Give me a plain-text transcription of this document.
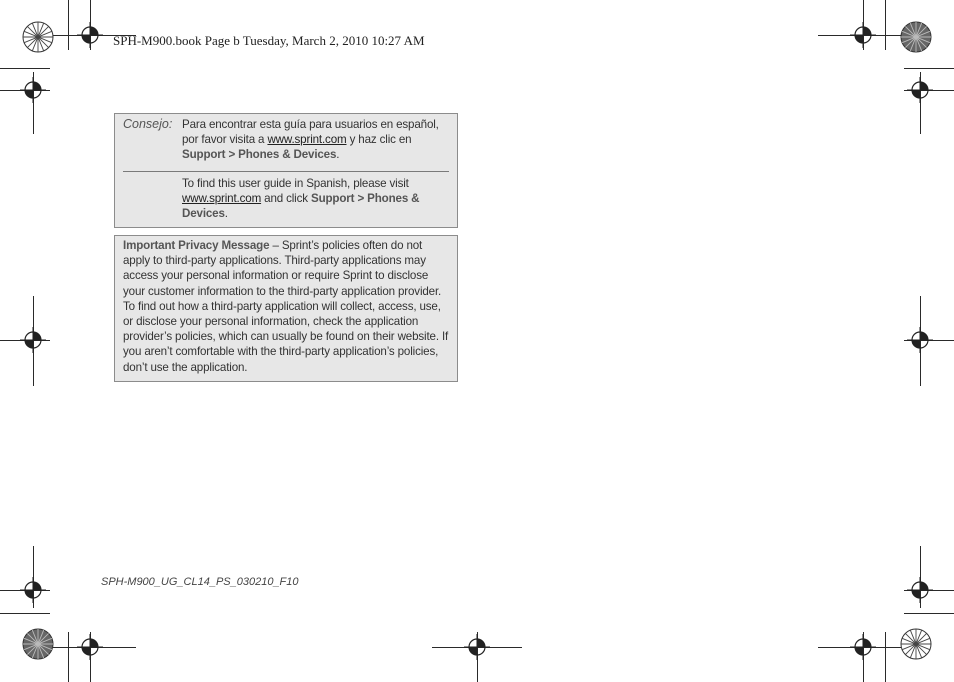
SPH-M900.book Page b Tuesday, March 2, 2010 10:27 AM
Consejo: Para encontrar esta guía para usuarios en español, por favor visita a www.sprint.com y haz clic en
Support > Phones & Devices.
To find this user guide in Spanish, please visit www.sprint.com and click Support > Phones & Devices.
Important Privacy Message – Sprint’s policies often do not apply to third-party applications. Third-party applications may access your personal information or require Sprint to disclose your customer information to the third-party application provider. To find out how a third-party application will collect, access, use, or disclose your personal information, check the application provider’s policies, which can usually be found on their website. If you aren’t comfortable with the third-party application’s policies, don’t use the application.
SPH-M900_UG_CL14_PS_030210_F10
